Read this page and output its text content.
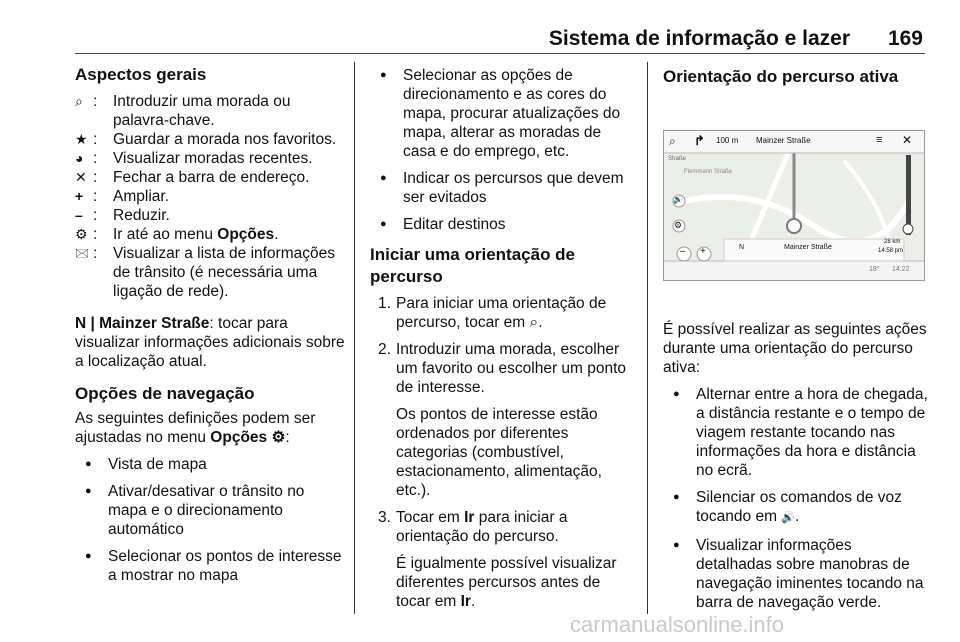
Sistema de informação e lazer 169
Aspectos gerais
⌕ :	Introduzir uma morada ou palavra-chave.
★ :	Guardar a morada nos favoritos.
◕ :	Visualizar moradas recentes.
✕ :	Fechar a barra de endereço.
+ :	Ampliar.
– :	Reduzir.
⚙ :	Ir até ao menu Opções.
🖂 :	Visualizar a lista de informações de trânsito (é necessária uma ligação de rede).

N | Mainzer Straße: tocar para visualizar informações adicionais sobre a localização atual.

Opções de navegação

As seguintes definições podem ser ajustadas no menu Opções ⚙:

● Vista de mapa
● Ativar/desativar o trânsito no mapa e o direcionamento automático
● Selecionar os pontos de interesse a mostrar no mapa
● Selecionar as opções de direcionamento e as cores do mapa, procurar atualizações do mapa, alterar as moradas de casa e do emprego, etc.
● Indicar os percursos que devem ser evitados
● Editar destinos
Iniciar uma orientação de percurso
1. Para iniciar uma orientação de percurso, tocar em ⌕.
2. Introduzir uma morada, escolher um favorito ou escolher um ponto de interesse.

Os pontos de interesse estão ordenados por diferentes categorias (combustível, estacionamento, alimentação, etc.).

3. Tocar em Ir para iniciar a orientação do percurso.

É igualmente possível visualizar diferentes percursos antes de tocar em Ir.

Orientação do percurso ativa
⌕ ↱ 100 m Mainzer Straße	≡ ✕
Straße
Flemmann Straße
🔊
⚙
– +	N	Mainzer Straße
28 km
14:58 pm
18° 14:22

É possível realizar as seguintes ações durante uma orientação do percurso ativa:

● Alternar entre a hora de chegada, a distância restante e o tempo de viagem restante tocando nas informações da hora e distância no ecrã.
● Silenciar os comandos de voz tocando em 🔊.
● Visualizar informações detalhadas sobre manobras de navegação iminentes tocando na barra de navegação verde.
carmanualsonline.info
